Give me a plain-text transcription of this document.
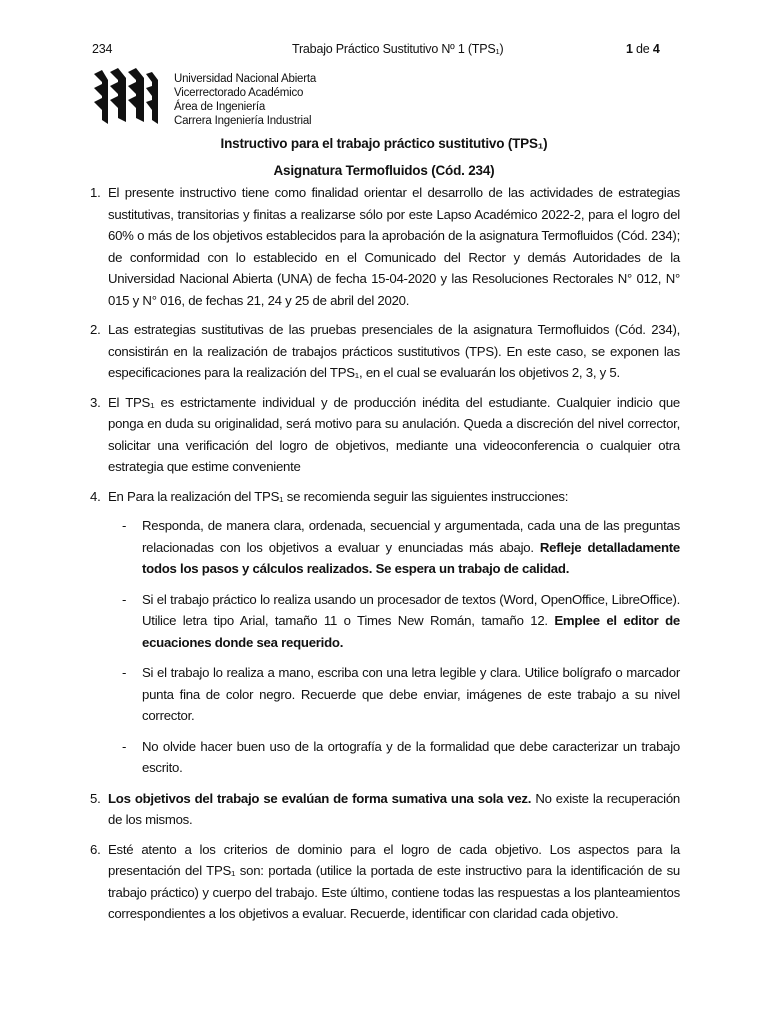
234	Trabajo Práctico Sustitutivo Nº 1 (TPS₁)	1 de 4
Universidad Nacional Abierta
Vicerrectorado Académico
Área de Ingeniería
Carrera Ingeniería Industrial
Instructivo para el trabajo práctico sustitutivo (TPS₁)
Asignatura Termofluidos (Cód. 234)
1. El presente instructivo tiene como finalidad orientar el desarrollo de las actividades de estrategias sustitutivas, transitorias y finitas a realizarse sólo por este Lapso Académico 2022-2, para el logro del 60% o más de los objetivos establecidos para la aprobación de la asignatura Termofluidos (Cód. 234); de conformidad con lo establecido en el Comunicado del Rector y demás Autoridades de la Universidad Nacional Abierta (UNA) de fecha 15-04-2020 y las Resoluciones Rectorales N° 012, N° 015 y N° 016, de fechas 21, 24 y 25 de abril del 2020.
2. Las estrategias sustitutivas de las pruebas presenciales de la asignatura Termofluidos (Cód. 234), consistirán en la realización de trabajos prácticos sustitutivos (TPS). En este caso, se exponen las especificaciones para la realización del TPS₁, en el cual se evaluarán los objetivos 2, 3, y 5.
3. El TPS₁ es estrictamente individual y de producción inédita del estudiante. Cualquier indicio que ponga en duda su originalidad, será motivo para su anulación. Queda a discreción del nivel corrector, solicitar una verificación del logro de objetivos, mediante una videoconferencia o cualquier otra estrategia que estime conveniente
4. En Para la realización del TPS₁ se recomienda seguir las siguientes instrucciones:
- Responda, de manera clara, ordenada, secuencial y argumentada, cada una de las preguntas relacionadas con los objetivos a evaluar y enunciadas más abajo. Refleje detalladamente todos los pasos y cálculos realizados. Se espera un trabajo de calidad.
- Si el trabajo práctico lo realiza usando un procesador de textos (Word, OpenOffice, LibreOffice). Utilice letra tipo Arial, tamaño 11 o Times New Román, tamaño 12. Emplee el editor de ecuaciones donde sea requerido.
- Si el trabajo lo realiza a mano, escriba con una letra legible y clara. Utilice bolígrafo o marcador punta fina de color negro. Recuerde que debe enviar, imágenes de este trabajo a su nivel corrector.
- No olvide hacer buen uso de la ortografía y de la formalidad que debe caracterizar un trabajo escrito.
5. Los objetivos del trabajo se evalúan de forma sumativa una sola vez. No existe la recuperación de los mismos.
6. Esté atento a los criterios de dominio para el logro de cada objetivo. Los aspectos para la presentación del TPS₁ son: portada (utilice la portada de este instructivo para la identificación de su trabajo práctico) y cuerpo del trabajo. Este último, contiene todas las respuestas a los planteamientos correspondientes a los objetivos a evaluar. Recuerde, identificar con claridad cada objetivo.
